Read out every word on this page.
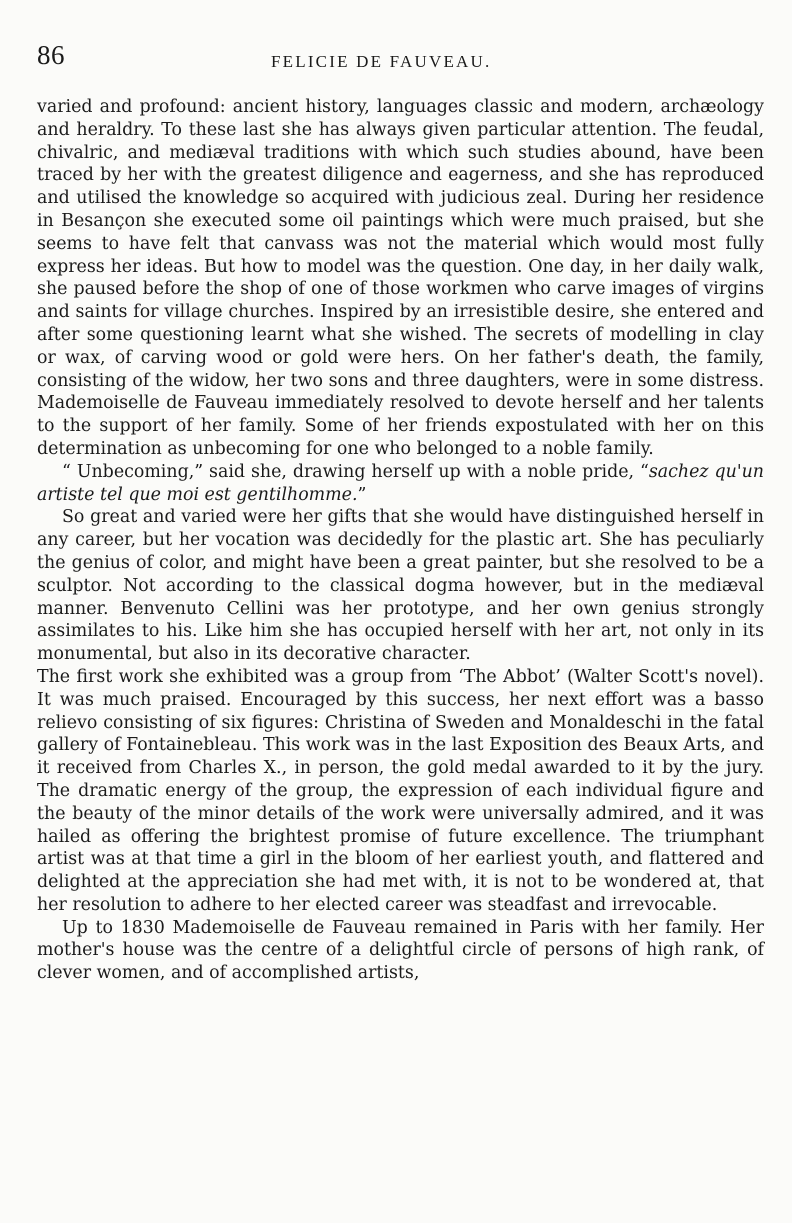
86	FELICIE DE FAUVEAU.

varied and profound: ancient history, languages classic and modern, archæology and heraldry. To these last she has always given particular attention. The feudal, chivalric, and mediæval traditions with which such studies abound, have been traced by her with the greatest diligence and eagerness, and she has reproduced and utilised the knowledge so acquired with judicious zeal. During her residence in Besançon she executed some oil paintings which were much praised, but she seems to have felt that canvass was not the material which would most fully express her ideas. But how to model was the question. One day, in her daily walk, she paused before the shop of one of those workmen who carve images of virgins and saints for village churches. Inspired by an irresistible desire, she entered and after some questioning learnt what she wished. The secrets of modelling in clay or wax, of carving wood or gold were hers. On her father's death, the family, consisting of the widow, her two sons and three daughters, were in some distress. Mademoiselle de Fauveau immediately resolved to devote herself and her talents to the support of her family. Some of her friends expostulated with her on this determination as unbecoming for one who belonged to a noble family.

“ Unbecoming,” said she, drawing herself up with a noble pride, “sachez qu'un artiste tel que moi est gentilhomme.”

So great and varied were her gifts that she would have distinguished herself in any career, but her vocation was decidedly for the plastic art. She has peculiarly the genius of color, and might have been a great painter, but she resolved to be a sculptor. Not according to the classical dogma however, but in the mediæval manner. Benvenuto Cellini was her prototype, and her own genius strongly assimilates to his. Like him she has occupied herself with her art, not only in its monumental, but also in its decorative character.

The first work she exhibited was a group from ‘The Abbot’ (Walter Scott's novel). It was much praised. Encouraged by this success, her next effort was a basso relievo consisting of six figures: Christina of Sweden and Monaldeschi in the fatal gallery of Fontainebleau. This work was in the last Exposition des Beaux Arts, and it received from Charles X., in person, the gold medal awarded to it by the jury. The dramatic energy of the group, the expression of each individual figure and the beauty of the minor details of the work were universally admired, and it was hailed as offering the brightest promise of future excellence. The triumphant artist was at that time a girl in the bloom of her earliest youth, and flattered and delighted at the appreciation she had met with, it is not to be wondered at, that her resolution to adhere to her elected career was steadfast and irrevocable.

Up to 1830 Mademoiselle de Fauveau remained in Paris with her family. Her mother's house was the centre of a delightful circle of persons of high rank, of clever women, and of accomplished artists,
